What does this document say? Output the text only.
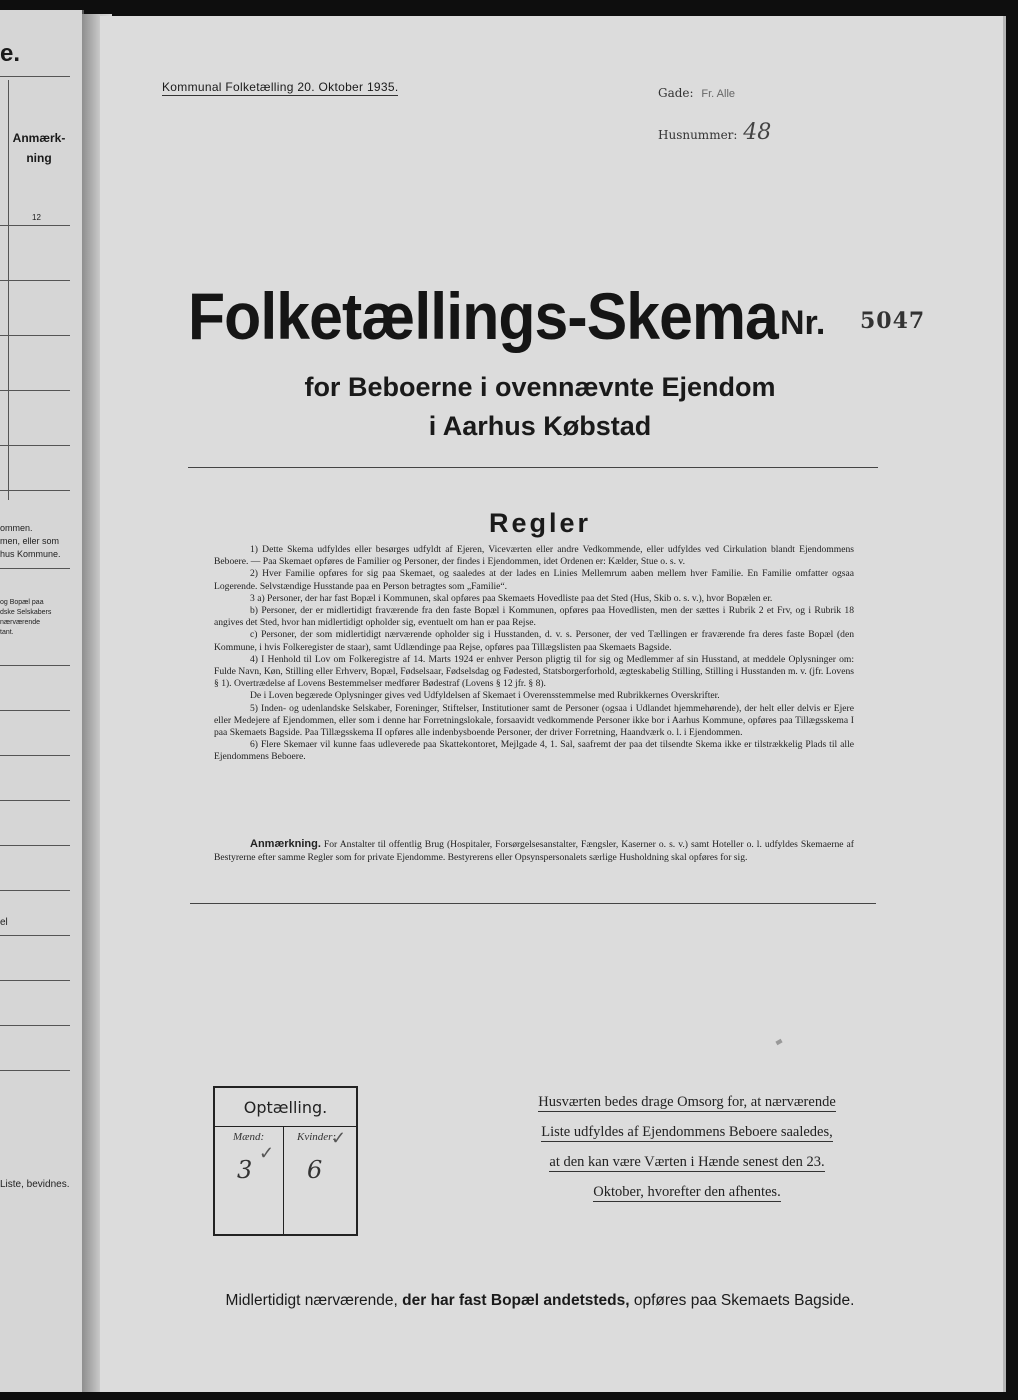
e.
Anmærk-
ning
12
ommen.
men, eller som
hus Kommune.
og Bopæl paa
dske Selskabers
nærværende
tant.
el
Liste, bevidnes.
Kommunal Folketælling 20. Oktober 1935.	Gade: Fr. Alle
Husnummer: 48
Folketællings-Skema Nr. 5047
for Beboerne i ovennævnte Ejendom
i Aarhus Købstad
Regler

1) Dette Skema udfyldes eller besørges udfyldt af Ejeren, Viceværten eller andre Vedkommende, eller udfyldes ved Cirkulation blandt Ejendommens Beboere. — Paa Skemaet opføres de Familier og Personer, der findes i Ejendommen, idet Ordenen er: Kælder, Stue o. s. v.

2) Hver Familie opføres for sig paa Skemaet, og saaledes at der lades en Linies Mellemrum aaben mellem hver Familie. En Familie omfatter ogsaa Logerende. Selvstændige Husstande paa en Person betragtes som „Familie“.

3 a) Personer, der har fast Bopæl i Kommunen, skal opføres paa Skemaets Hovedliste paa det Sted (Hus, Skib o. s. v.), hvor Bopælen er.

b) Personer, der er midlertidigt fraværende fra den faste Bopæl i Kommunen, opføres paa Hovedlisten, men der sættes i Rubrik 2 et Frv, og i Rubrik 18 angives det Sted, hvor han midlertidigt opholder sig, eventuelt om han er paa Rejse.

c) Personer, der som midlertidigt nærværende opholder sig i Husstanden, d. v. s. Personer, der ved Tællingen er fraværende fra deres faste Bopæl (den Kommune, i hvis Folkeregister de staar), samt Udlændinge paa Rejse, opføres paa Tillægslisten paa Skemaets Bagside.

4) I Henhold til Lov om Folkeregistre af 14. Marts 1924 er enhver Person pligtig til for sig og Medlemmer af sin Husstand, at meddele Oplysninger om: Fulde Navn, Køn, Stilling eller Erhverv, Bopæl, Fødselsaar, Fødselsdag og Fødested, Statsborgerforhold, ægteskabelig Stilling, Stilling i Husstanden m. v. (jfr. Lovens § 1). Overtrædelse af Lovens Bestemmelser medfører Bødestraf (Lovens § 12 jfr. § 8).

De i Loven begærede Oplysninger gives ved Udfyldelsen af Skemaet i Overensstemmelse med Rubrikkernes Overskrifter.

5) Inden- og udenlandske Selskaber, Foreninger, Stiftelser, Institutioner samt de Personer (ogsaa i Udlandet hjemmehørende), der helt eller delvis er Ejere eller Medejere af Ejendommen, eller som i denne har Forretningslokale, forsaavidt vedkommende Personer ikke bor i Aarhus Kommune, opføres paa Tillægsskema I paa Skemaets Bagside. Paa Tillægsskema II opføres alle indenbysboende Personer, der driver Forretning, Haandværk o. l. i Ejendommen.

6) Flere Skemaer vil kunne faas udleverede paa Skattekontoret, Mejlgade 4, 1. Sal, saafremt der paa det tilsendte Skema ikke er tilstrækkelig Plads til alle Ejendommens Beboere.

Anmærkning. For Anstalter til offentlig Brug (Hospitaler, Forsørgelsesanstalter, Fængsler, Kaserner o. s. v.) samt Hoteller o. l. udfyldes Skemaerne af Bestyrerne efter samme Regler som for private Ejendomme. Bestyrerens eller Opsynspersonalets særlige Husholdning skal opføres for sig.
Optælling.
Mænd:	Kvinder:
3
✓
6
✓
Husværten bedes drage Omsorg for, at nærværende
Liste udfyldes af Ejendommens Beboere saaledes,
at den kan være Værten i Hænde senest den 23.
Oktober, hvorefter den afhentes.
Midlertidigt nærværende, der har fast Bopæl andetsteds, opføres paa Skemaets Bagside.
